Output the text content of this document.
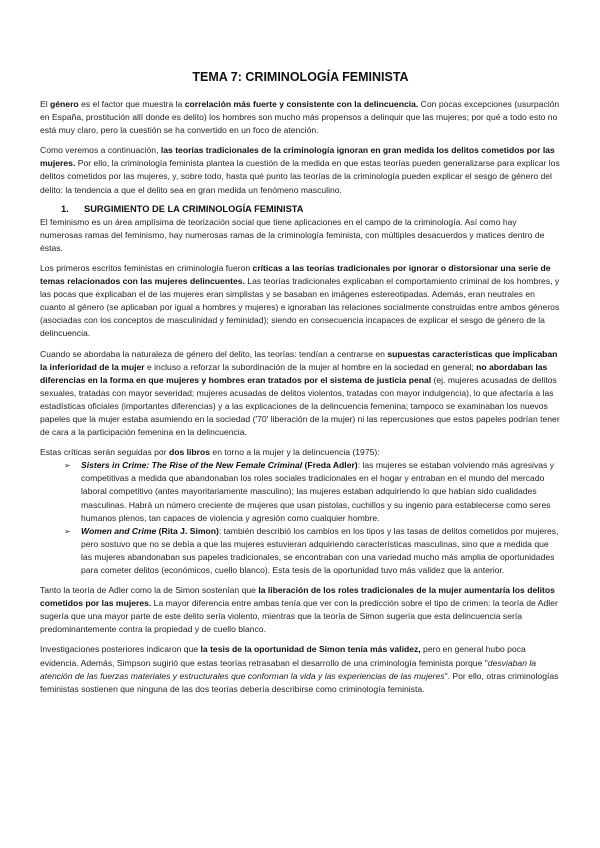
TEMA 7: CRIMINOLOGÍA FEMINISTA

El género es el factor que muestra la correlación más fuerte y consistente con la delincuencia. Con pocas excepciones (usurpación en España, prostitución allí donde es delito) los hombres son mucho más propensos a delinquir que las mujeres; por qué a todo esto no está muy claro, pero la cuestión se ha convertido en un foco de atención.

Como veremos a continuación, las teorías tradicionales de la criminología ignoran en gran medida los delitos cometidos por las mujeres. Por ello, la criminología feminista plantea la cuestión de la medida en que estas teorías pueden generalizarse para explicar los delitos cometidos por las mujeres, y, sobre todo, hasta qué punto las teorías de la criminología pueden explicar el sesgo de género del delito: la tendencia a que el delito sea en gran medida un fenómeno masculino.

1. SURGIMIENTO DE LA CRIMINOLOGÍA FEMINISTA

El feminismo es un área amplísima de teorización social que tiene aplicaciones en el campo de la criminología. Así como hay numerosas ramas del feminismo, hay numerosas ramas de la criminología feminista, con múltiples desacuerdos y matices dentro de éstas.

Los primeros escritos feministas en criminología fueron críticas a las teorías tradicionales por ignorar o distorsionar una serie de temas relacionados con las mujeres delincuentes. Las teorías tradicionales explicaban el comportamiento criminal de los hombres, y las pocas que explicaban el de las mujeres eran simplistas y se basaban en imágenes estereotipadas. Además, eran neutrales en cuanto al género (se aplicaban por igual a hombres y mujeres) e ignoraban las relaciones socialmente construidas entre ambos géneros (asociadas con los conceptos de masculinidad y feminidad); siendo en consecuencia incapaces de explicar el sesgo de género de la delincuencia.

Cuando se abordaba la naturaleza de género del delito, las teorías: tendían a centrarse en supuestas características que implicaban la inferioridad de la mujer e incluso a reforzar la subordinación de la mujer al hombre en la sociedad en general; no abordaban las diferencias en la forma en que mujeres y hombres eran tratados por el sistema de justicia penal (ej. mujeres acusadas de delitos sexuales, tratadas con mayor severidad; mujeres acusadas de delitos violentos, tratadas con mayor indulgencia), lo que afectaría a las estadísticas oficiales (importantes diferencias) y a las explicaciones de la delincuencia femenina; tampoco se examinaban los nuevos papeles que la mujer estaba asumiendo en la sociedad ('70' liberación de la mujer) ni las repercusiones que estos papeles podrían tener de cara a la participación femenina en la delincuencia.

Estas críticas serán seguidas por dos libros en torno a la mujer y la delincuencia (1975):

➢ Sisters in Crime: The Rise of the New Female Criminal (Freda Adler): las mujeres se estaban volviendo más agresivas y competitivas a medida que abandonaban los roles sociales tradicionales en el hogar y entraban en el mundo del mercado laboral competitivo (antes mayoritariamente masculino); las mujeres estaban adquiriendo lo que habían sido cualidades masculinas. Habrá un número creciente de mujeres que usan pistolas, cuchillos y su ingenio para establecerse como seres humanos plenos, tan capaces de violencia y agresión como cualquier hombre.
➢ Women and Crime (Rita J. Simon): también describió los cambios en los tipos y las tasas de delitos cometidos por mujeres, pero sostuvo que no se debía a que las mujeres estuvieran adquiriendo características masculinas, sino que a medida que las mujeres abandonaban sus papeles tradicionales, se encontraban con una variedad mucho más amplia de oportunidades para cometer delitos (económicos, cuello blanco). Esta tesis de la oportunidad tuvo más validez que la anterior.

Tanto la teoría de Adler como la de Simon sostenían que la liberación de los roles tradicionales de la mujer aumentaría los delitos cometidos por las mujeres. La mayor diferencia entre ambas tenía que ver con la predicción sobre el tipo de crimen: la teoría de Adler sugería que una mayor parte de este delito sería violento, mientras que la teoría de Simon sugería que esta delincuencia sería predominantemente contra la propiedad y de cuello blanco.

Investigaciones posteriores indicaron que la tesis de la oportunidad de Simon tenía más validez, pero en general hubo poca evidencia. Además, Simpson sugirió que estas teorías retrasaban el desarrollo de una criminología feminista porque "desviaban la atención de las fuerzas materiales y estructurales que conforman la vida y las experiencias de las mujeres". Por ello, otras criminologías feministas sostienen que ninguna de las dos teorías debería describirse como criminología feminista.
